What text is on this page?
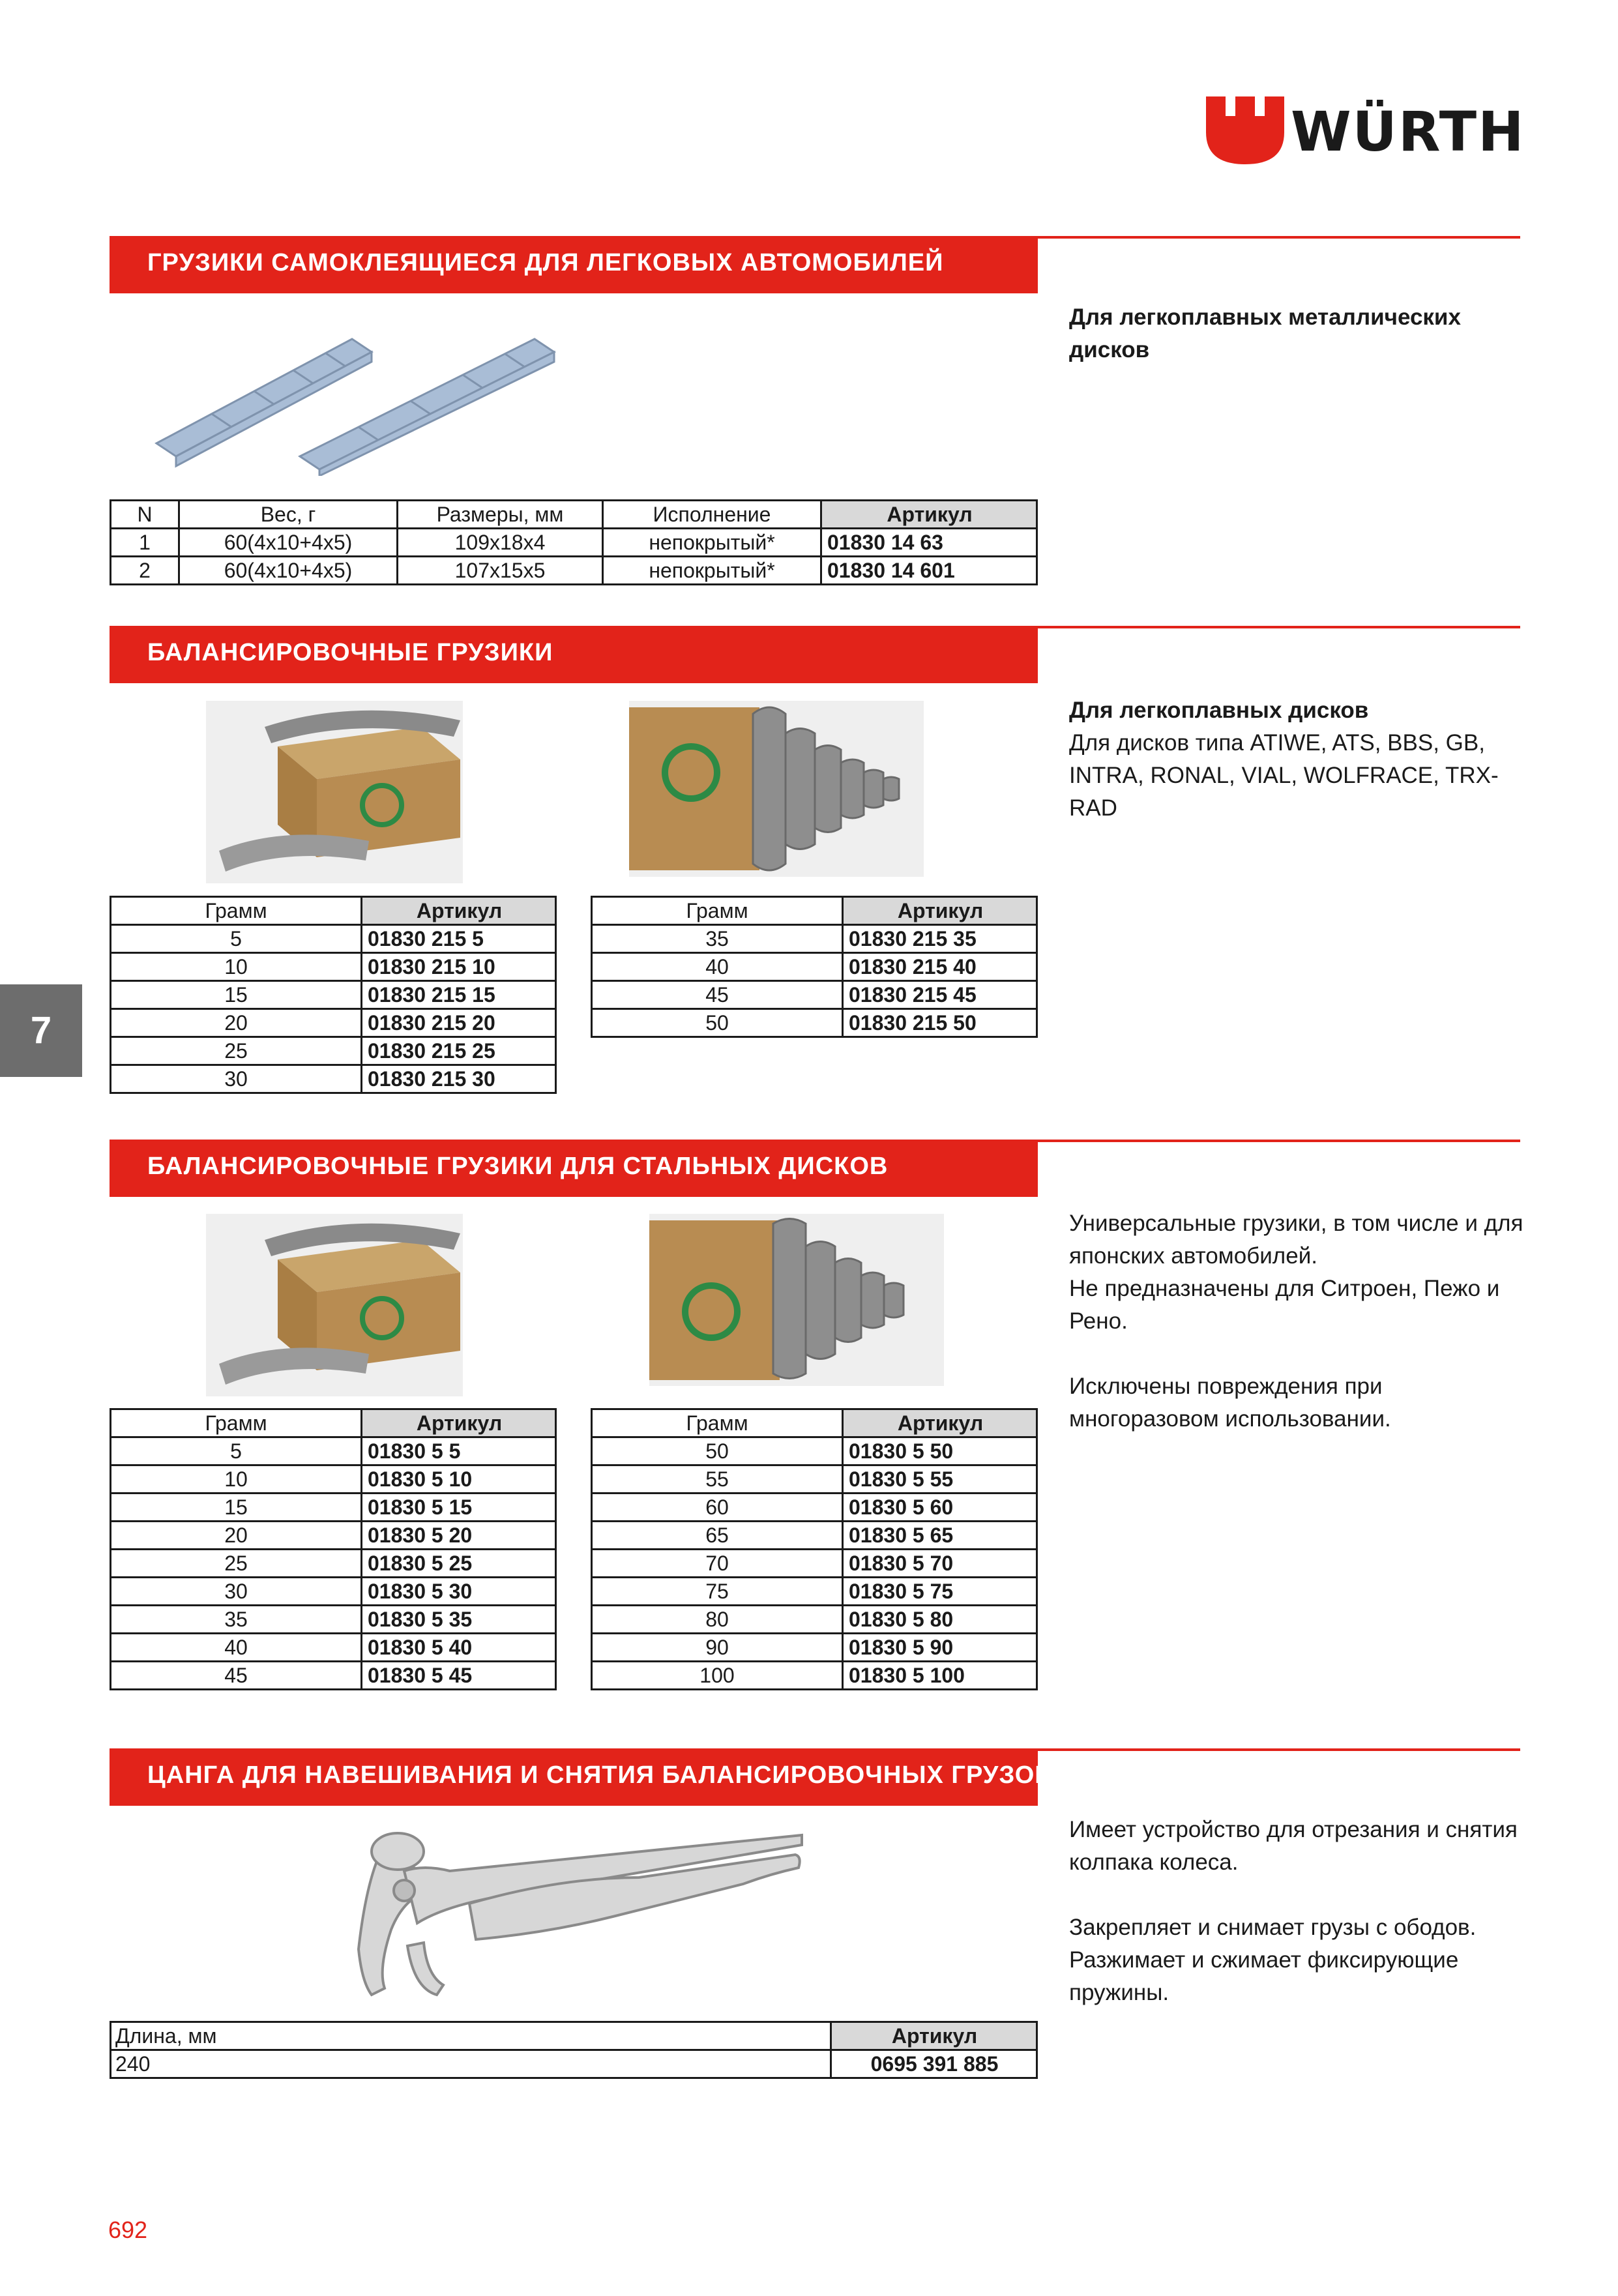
WÜRTH
7
ГРУЗИКИ САМОКЛЕЯЩИЕСЯ ДЛЯ ЛЕГКОВЫХ АВТОМОБИЛЕЙ
N	Вес, г	Размеры, мм	Исполнение	Артикул
1	60(4x10+4x5)	109x18x4	непокрытый*	01830 14 63
2	60(4x10+4x5)	107x15x5	непокрытый*	01830 14 601

Для легкоплавных металлических дисков

БАЛАНСИРОВОЧНЫЕ ГРУЗИКИ
Грамм	Артикул
5	01830 215 5
10	01830 215 10
15	01830 215 15
20	01830 215 20
25	01830 215 25
30	01830 215 30
Грамм	Артикул
35	01830 215 35
40	01830 215 40
45	01830 215 45
50	01830 215 50

Для легкоплавных дисков

Для дисков типа ATIWE, ATS, BBS, GB, INTRA, RONAL, VIAL, WOLFRACE, TRX-RAD

БАЛАНСИРОВОЧНЫЕ ГРУЗИКИ ДЛЯ СТАЛЬНЫХ ДИСКОВ
Грамм	Артикул
5	01830 5 5
10	01830 5 10
15	01830 5 15
20	01830 5 20
25	01830 5 25
30	01830 5 30
35	01830 5 35
40	01830 5 40
45	01830 5 45
Грамм	Артикул
50	01830 5 50
55	01830 5 55
60	01830 5 60
65	01830 5 65
70	01830 5 70
75	01830 5 75
80	01830 5 80
90	01830 5 90
100	01830 5 100

Универсальные грузики, в том числе и для японских автомобилей.

Не предназначены для Ситроен, Пежо и Рено.

Исключены повреждения при многоразовом использовании.

ЦАНГА ДЛЯ НАВЕШИВАНИЯ И СНЯТИЯ БАЛАНСИРОВОЧНЫХ ГРУЗОВ
Длина, мм	Артикул
240	0695 391 885

Имеет устройство для отрезания и снятия колпака колеса.

Закрепляет и снимает грузы с ободов. Разжимает и сжимает фиксирующие пружины.

692
